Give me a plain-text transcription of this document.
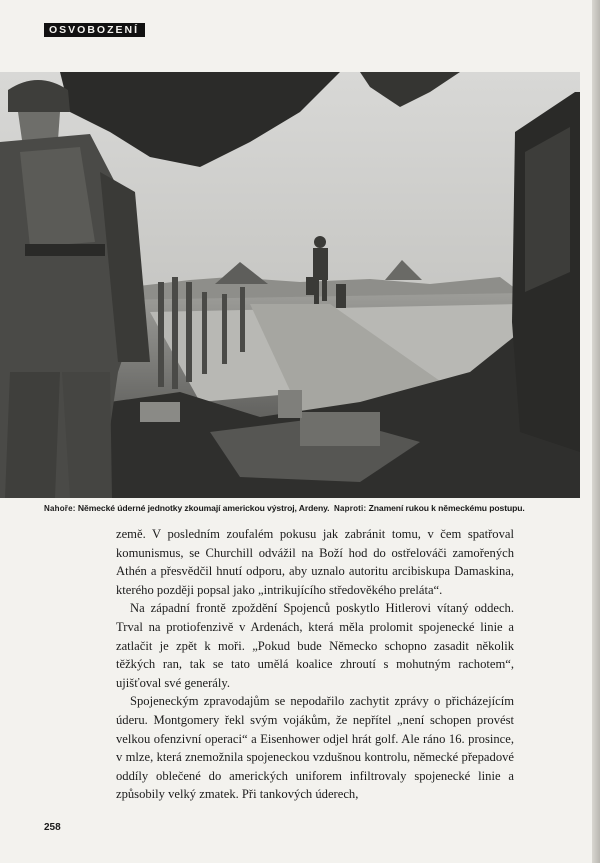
OSVOBOZENÍ
Nahoře: Německé úderné jednotky zkoumají americkou výstroj, Ardeny. Naproti: Znamení rukou k německému postupu.

země. V posledním zoufalém pokusu jak zabránit tomu, v čem spatřoval komunismus, se Churchill odvážil na Boží hod do ostřelováči zamořených Athén a přesvědčil hnutí odporu, aby uznalo autoritu arcibiskupa Damaskina, kterého později popsal jako „intrikujícího středověkého preláta“.

Na západní frontě zpoždění Spojenců poskytlo Hitlerovi vítaný oddech. Trval na protiofenzivě v Ardenách, která měla prolomit spojenecké linie a zatlačit je zpět k moři. „Pokud bude Německo schopno zasadit několik těžkých ran, tak se tato umělá koalice zhroutí s mohutným rachotem“, ujišťoval své generály.

Spojeneckým zpravodajům se nepodařilo zachytit zprávy o přicházejícím úderu. Montgomery řekl svým vojákům, že nepřítel „není schopen provést velkou ofenzivní operaci“ a Eisenhower odjel hrát golf. Ale ráno 16. prosince, v mlze, která znemožnila spojeneckou vzdušnou kontrolu, německé přepadové oddíly oblečené do amerických uniforem infiltrovaly spojenecké linie a způsobily velký zmatek. Při tankových úderech,

258
